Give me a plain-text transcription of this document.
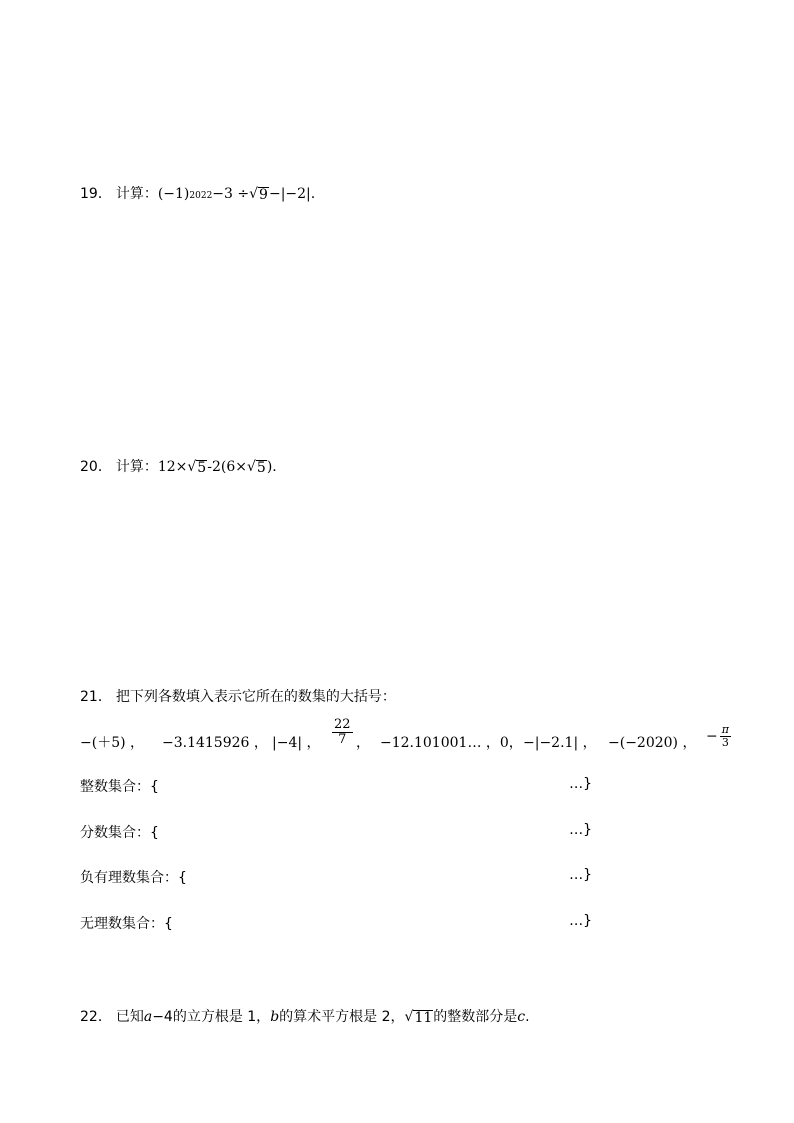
19． 计算： (−1) 2022 −3 ÷ √ 9 −|−2|.
20． 计算： 12× √ 5 -2(6× √ 5 ).
21． 把下列各数填入表示它所在的数集的大括号：
−(＋5) ， −3.1415926 ， |−4| ， $\frac{22}{7}$ ， −12.101001… ，0， −|−2.1| ， −(−2020) ， − $\frac{\pi}{3}$
整数集合：{	…}
分数集合：{	…}
负有理数集合：{	…}
无理数集合：{	…}
22． 已知 a −4的立方根是 1， b 的算术平方根是 2， √ 11 的整数部分是 c .
